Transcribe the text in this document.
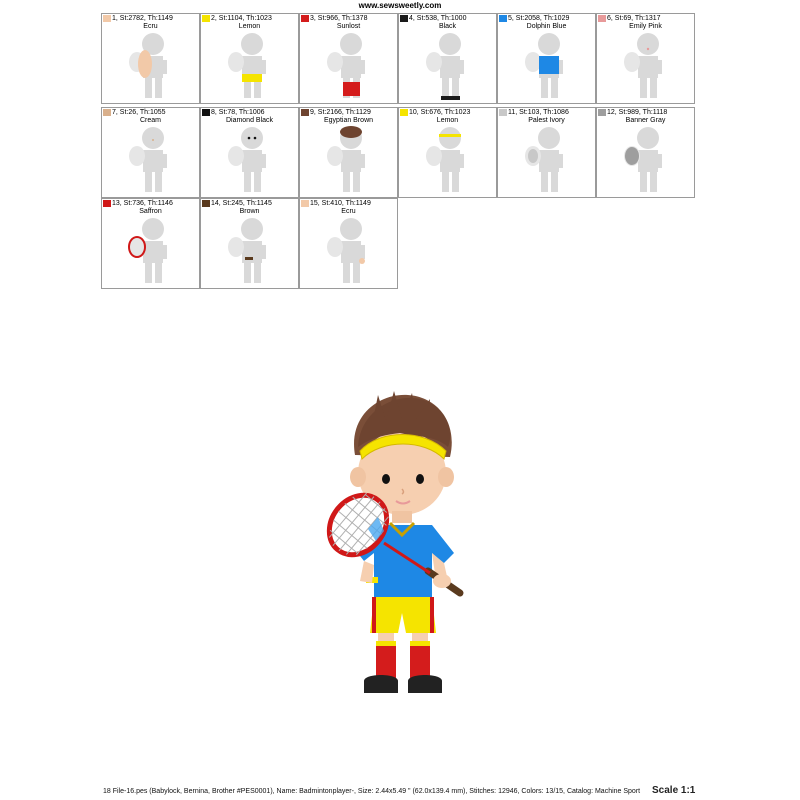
www.sewsweetly.com
1, St:2782, Th:1149
Ecru
2, St:1104, Th:1023
Lemon
3, St:966, Th:1378
Sunlost
4, St:538, Th:1000
Black
5, St:2058, Th:1029
Dolphin Blue
6, St:69, Th:1317
Emily Pink
7, St:26, Th:1055
Cream
8, St:78, Th:1006
Diamond Black
9, St:2166, Th:1129
Egyptian Brown
10, St:676, Th:1023
Lemon
11, St:103, Th:1086
Palest Ivory
12, St:989, Th:1118
Banner Gray
13, St:736, Th:1146
Saffron
14, St:245, Th:1145
Brown
15, St:410, Th:1149
Ecru
18 File-16.pes (Babylock, Bernina, Brother #PES0001), Name: Badmintonplayer-, Size: 2.44x5.49 " (62.0x139.4 mm), Stitches: 12946, Colors: 13/15, Catalog: Machine Sport Scale 1:1
